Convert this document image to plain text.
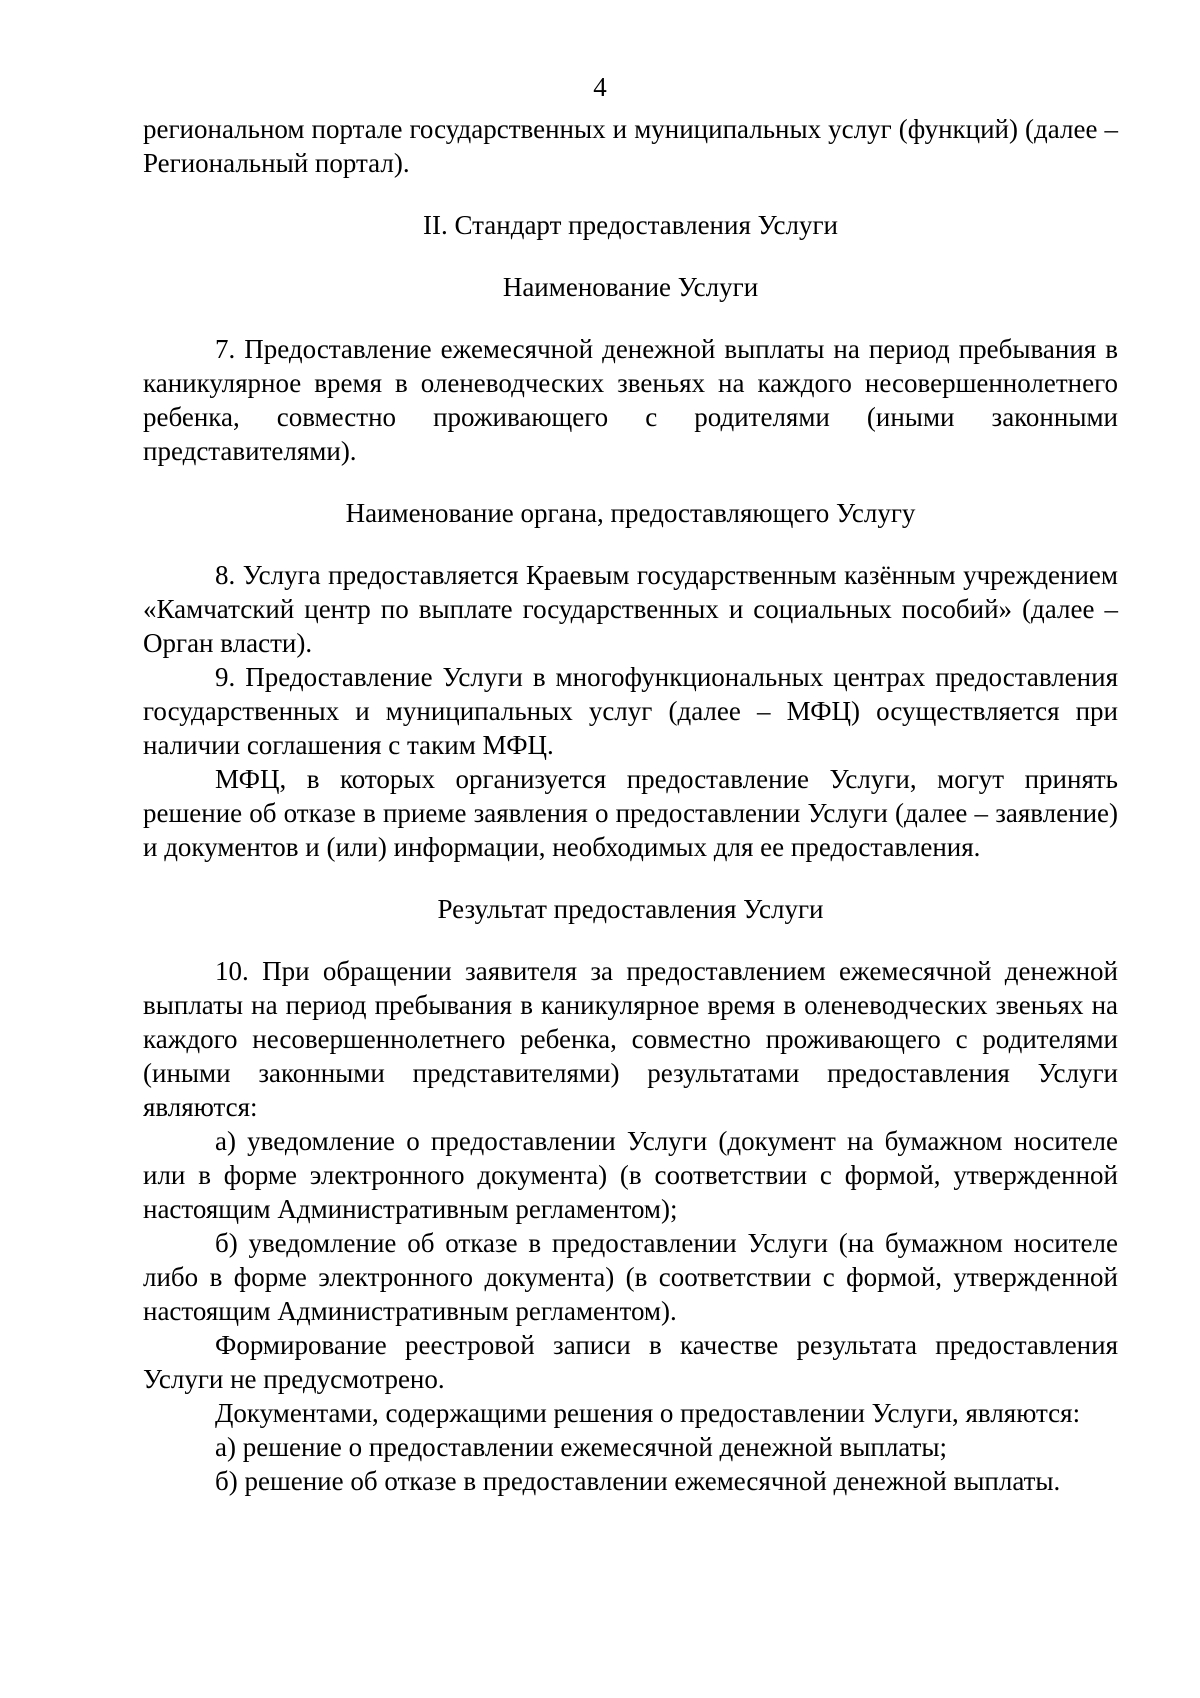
4

региональном портале государственных и муниципальных услуг (функций) (далее – Региональный портал).

II. Стандарт предоставления Услуги
Наименование Услуги

7. Предоставление ежемесячной денежной выплаты на период пребывания в каникулярное время в оленеводческих звеньях на каждого несовершеннолетнего ребенка, совместно проживающего с родителями (иными законными представителями).

Наименование органа, предоставляющего Услугу

8. Услуга предоставляется Краевым государственным казённым учреждением «Камчатский центр по выплате государственных и социальных пособий» (далее – Орган власти).

9. Предоставление Услуги в многофункциональных центрах предоставления государственных и муниципальных услуг (далее – МФЦ) осуществляется при наличии соглашения с таким МФЦ.

МФЦ, в которых организуется предоставление Услуги, могут принять решение об отказе в приеме заявления о предоставлении Услуги (далее – заявление) и документов и (или) информации, необходимых для ее предоставления.

Результат предоставления Услуги

10. При обращении заявителя за предоставлением ежемесячной денежной выплаты на период пребывания в каникулярное время в оленеводческих звеньях на каждого несовершеннолетнего ребенка, совместно проживающего с родителями (иными законными представителями) результатами предоставления Услуги являются:

а) уведомление о предоставлении Услуги (документ на бумажном носителе или в форме электронного документа) (в соответствии с формой, утвержденной настоящим Административным регламентом);

б) уведомление об отказе в предоставлении Услуги (на бумажном носителе либо в форме электронного документа) (в соответствии с формой, утвержденной настоящим Административным регламентом).

Формирование реестровой записи в качестве результата предоставления Услуги не предусмотрено.

Документами, содержащими решения о предоставлении Услуги, являются:

а) решение о предоставлении ежемесячной денежной выплаты;

б) решение об отказе в предоставлении ежемесячной денежной выплаты.
